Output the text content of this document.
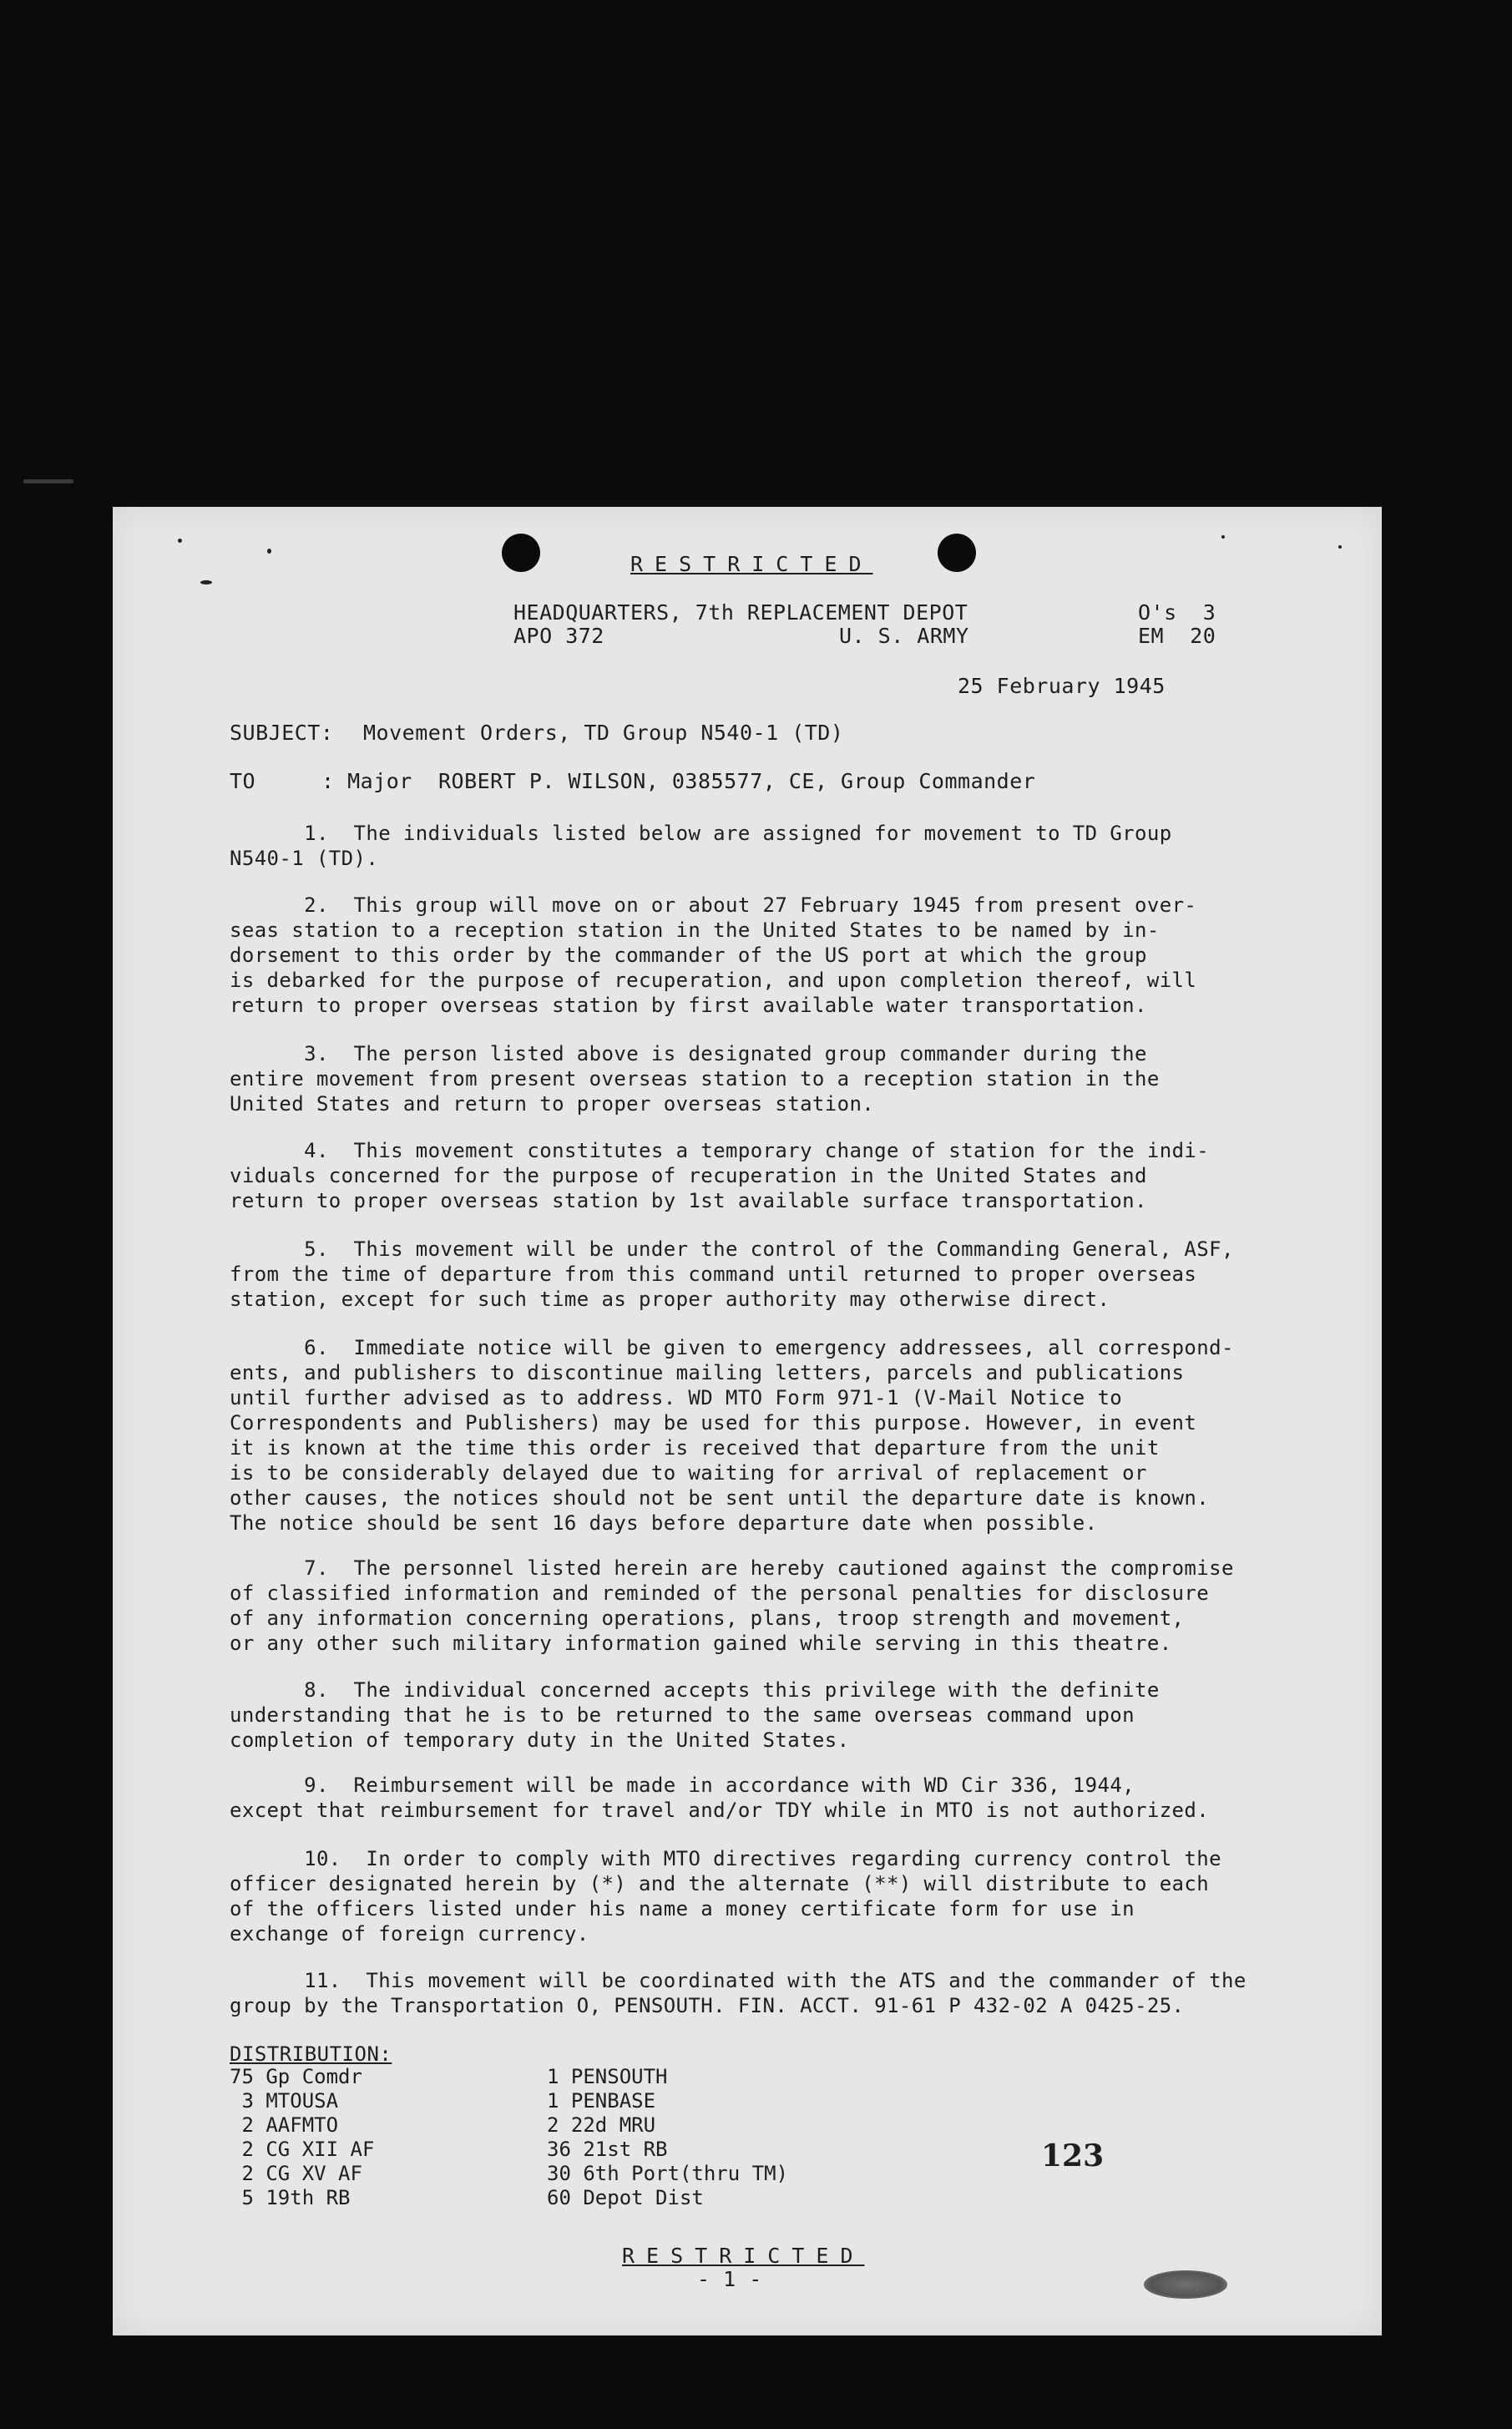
RESTRICTED
HEADQUARTERS, 7th REPLACEMENT DEPOT
APO 372	U. S. ARMY
O's  3
EM  20
25 February 1945
SUBJECT: Movement Orders, TD Group N540-1 (TD)
TO	: Major  ROBERT P. WILSON, 0385577, CE, Group Commander
1. The individuals listed below are assigned for movement to TD Group
N540-1 (TD).
2. This group will move on or about 27 February 1945 from present over-
seas station to a reception station in the United States to be named by in-
dorsement to this order by the commander of the US port at which the group
is debarked for the purpose of recuperation, and upon completion thereof, will
return to proper overseas station by first available water transportation.
3. The person listed above is designated group commander during the
entire movement from present overseas station to a reception station in the
United States and return to proper overseas station.
4. This movement constitutes a temporary change of station for the indi-
viduals concerned for the purpose of recuperation in the United States and
return to proper overseas station by 1st available surface transportation.
5. This movement will be under the control of the Commanding General, ASF,
from the time of departure from this command until returned to proper overseas
station, except for such time as proper authority may otherwise direct.
6. Immediate notice will be given to emergency addressees, all correspond-
ents, and publishers to discontinue mailing letters, parcels and publications
until further advised as to address. WD MTO Form 971-1 (V-Mail Notice to
Correspondents and Publishers) may be used for this purpose. However, in event
it is known at the time this order is received that departure from the unit
is to be considerably delayed due to waiting for arrival of replacement or
other causes, the notices should not be sent until the departure date is known.
The notice should be sent 16 days before departure date when possible.
7. The personnel listed herein are hereby cautioned against the compromise
of classified information and reminded of the personal penalties for disclosure
of any information concerning operations, plans, troop strength and movement,
or any other such military information gained while serving in this theatre.
8. The individual concerned accepts this privilege with the definite
understanding that he is to be returned to the same overseas command upon
completion of temporary duty in the United States.
9. Reimbursement will be made in accordance with WD Cir 336, 1944,
except that reimbursement for travel and/or TDY while in MTO is not authorized.
10. In order to comply with MTO directives regarding currency control the
officer designated herein by (*) and the alternate (**) will distribute to each
of the officers listed under his name a money certificate form for use in
exchange of foreign currency.
11. This movement will be coordinated with the ATS and the commander of the
group by the Transportation O, PENSOUTH. FIN. ACCT. 91-61 P 432-02 A 0425-25.
DISTRIBUTION:
75 Gp Comdr
3 MTOUSA
2 AAFMTO
2 CG XII AF
2 CG XV AF
5 19th RB
1 PENSOUTH
1 PENBASE
2 22d MRU
36 21st RB
30 6th Port(thru TM)
60 Depot Dist
123
RESTRICTED
- 1 -
